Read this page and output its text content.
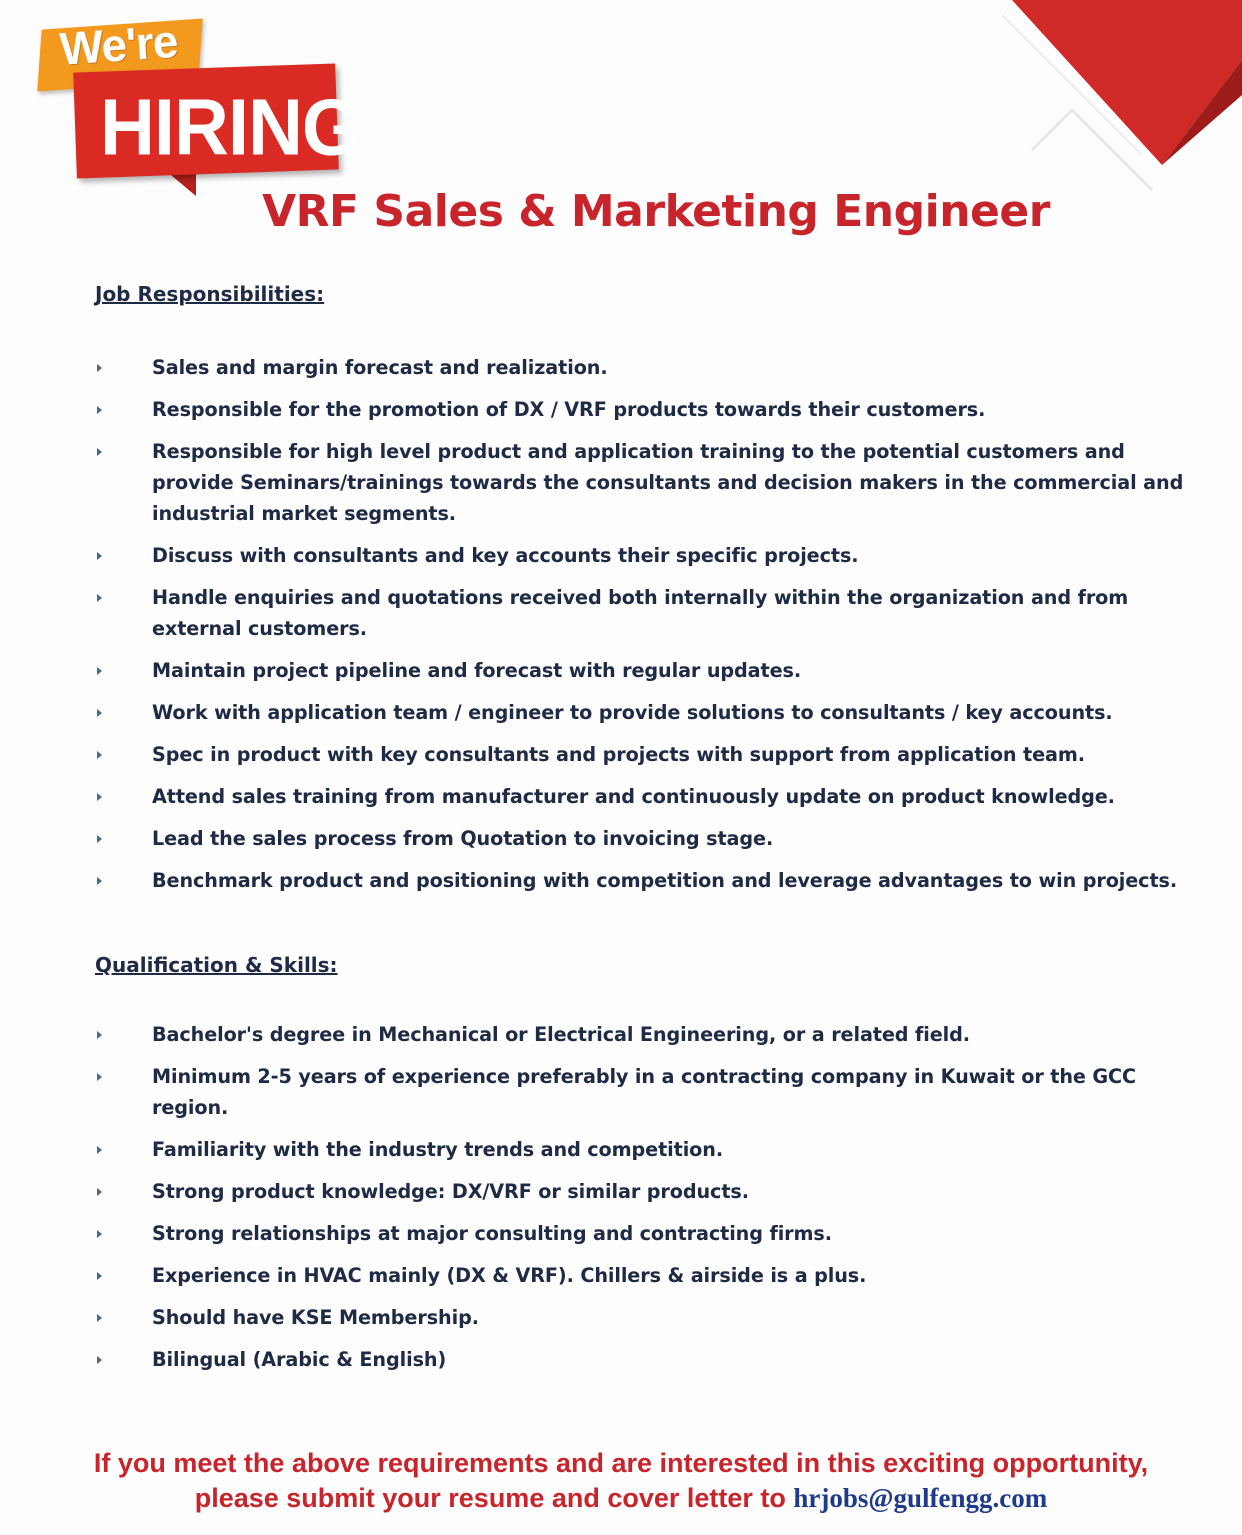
We're
HIRING
VRF Sales & Marketing Engineer
Job Responsibilities:
Sales and margin forecast and realization.
Responsible for the promotion of DX / VRF products towards their customers.
Responsible for high level product and application training to the potential customers and provide Seminars/trainings towards the consultants and decision makers in the commercial and industrial market segments.
Discuss with consultants and key accounts their specific projects.
Handle enquiries and quotations received both internally within the organization and from external customers.
Maintain project pipeline and forecast with regular updates.
Work with application team / engineer to provide solutions to consultants / key accounts.
Spec in product with key consultants and projects with support from application team.
Attend sales training from manufacturer and continuously update on product knowledge.
Lead the sales process from Quotation to invoicing stage.
Benchmark product and positioning with competition and leverage advantages to win projects.
Qualification & Skills:
Bachelor's degree in Mechanical or Electrical Engineering, or a related field.
Minimum 2-5 years of experience preferably in a contracting company in Kuwait or the GCC region.
Familiarity with the industry trends and competition.
Strong product knowledge: DX/VRF or similar products.
Strong relationships at major consulting and contracting firms.
Experience in HVAC mainly (DX & VRF). Chillers & airside is a plus.
Should have KSE Membership.
Bilingual (Arabic & English)
If you meet the above requirements and are interested in this exciting opportunity,
please submit your resume and cover letter to hrjobs@gulfengg.com
